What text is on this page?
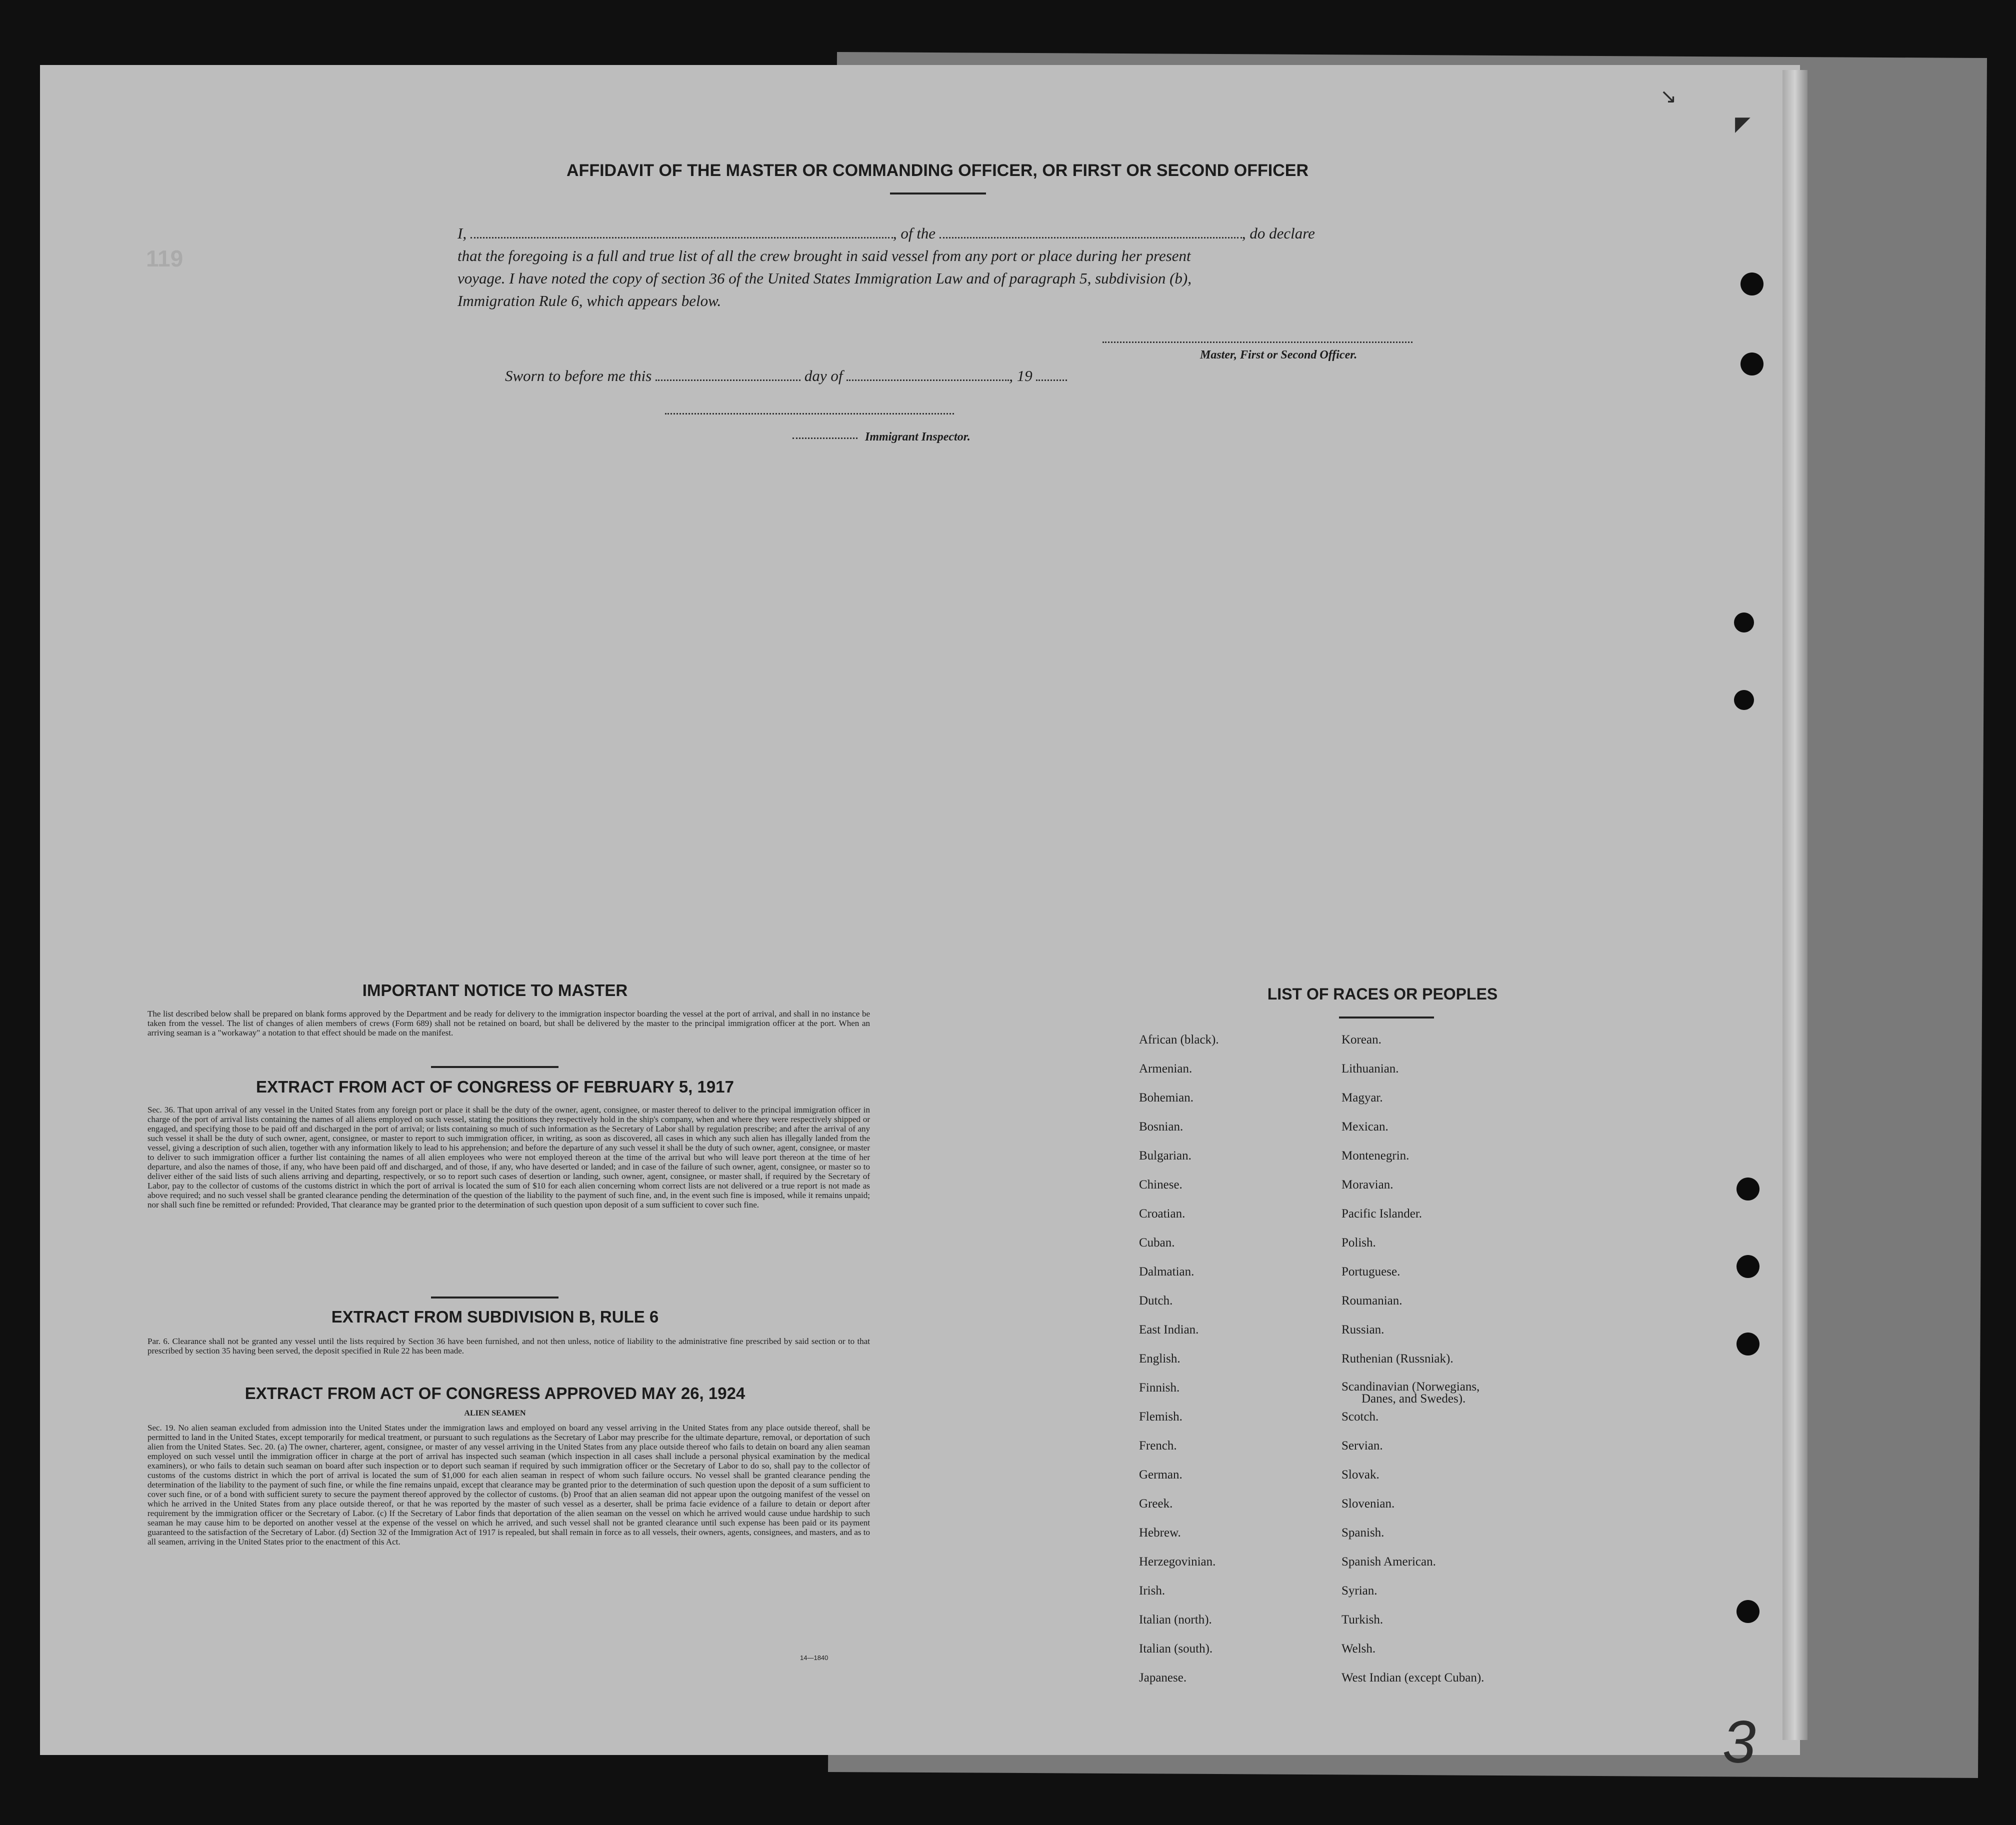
119
3
AFFIDAVIT OF THE MASTER OR COMMANDING OFFICER, OR FIRST OR SECOND OFFICER
I,	, of the	, do declare
that the foregoing is a full and true list of all the crew brought in said vessel from any port or place during her present
voyage. I have noted the copy of section 36 of the United States Immigration Law and of paragraph 5, subdivision (b),
Immigration Rule 6, which appears below.
Master, First or Second Officer.
Sworn to before me this	day of	, 19
Immigrant Inspector.
IMPORTANT NOTICE TO MASTER
The list described below shall be prepared on blank forms approved by the Department and be ready for delivery to the immigration inspector boarding the vessel at the port of arrival, and shall in no instance be taken from the vessel. The list of changes of alien members of crews (Form 689) shall not be retained on board, but shall be delivered by the master to the principal immigration officer at the port. When an arriving seaman is a "workaway" a notation to that effect should be made on the manifest.
EXTRACT FROM ACT OF CONGRESS OF FEBRUARY 5, 1917
Sec. 36. That upon arrival of any vessel in the United States from any foreign port or place it shall be the duty of the owner, agent, consignee, or master thereof to deliver to the principal immigration officer in charge of the port of arrival lists containing the names of all aliens employed on such vessel, stating the positions they respectively hold in the ship's company, when and where they were respectively shipped or engaged, and specifying those to be paid off and discharged in the port of arrival; or lists containing so much of such information as the Secretary of Labor shall by regulation prescribe; and after the arrival of any such vessel it shall be the duty of such owner, agent, consignee, or master to report to such immigration officer, in writing, as soon as discovered, all cases in which any such alien has illegally landed from the vessel, giving a description of such alien, together with any information likely to lead to his apprehension; and before the departure of any such vessel it shall be the duty of such owner, agent, consignee, or master to deliver to such immigration officer a further list containing the names of all alien employees who were not employed thereon at the time of the arrival but who will leave port thereon at the time of her departure, and also the names of those, if any, who have been paid off and discharged, and of those, if any, who have deserted or landed; and in case of the failure of such owner, agent, consignee, or master so to deliver either of the said lists of such aliens arriving and departing, respectively, or so to report such cases of desertion or landing, such owner, agent, consignee, or master shall, if required by the Secretary of Labor, pay to the collector of customs of the customs district in which the port of arrival is located the sum of $10 for each alien concerning whom correct lists are not delivered or a true report is not made as above required; and no such vessel shall be granted clearance pending the determination of the question of the liability to the payment of such fine, and, in the event such fine is imposed, while it remains unpaid; nor shall such fine be remitted or refunded: Provided, That clearance may be granted prior to the determination of such question upon deposit of a sum sufficient to cover such fine.
EXTRACT FROM SUBDIVISION B, RULE 6
Par. 6. Clearance shall not be granted any vessel until the lists required by Section 36 have been furnished, and not then unless, notice of liability to the administrative fine prescribed by said section or to that prescribed by section 35 having been served, the deposit specified in Rule 22 has been made.
EXTRACT FROM ACT OF CONGRESS APPROVED MAY 26, 1924
ALIEN SEAMEN
Sec. 19. No alien seaman excluded from admission into the United States under the immigration laws and employed on board any vessel arriving in the United States from any place outside thereof, shall be permitted to land in the United States, except temporarily for medical treatment, or pursuant to such regulations as the Secretary of Labor may prescribe for the ultimate departure, removal, or deportation of such alien from the United States. Sec. 20. (a) The owner, charterer, agent, consignee, or master of any vessel arriving in the United States from any place outside thereof who fails to detain on board any alien seaman employed on such vessel until the immigration officer in charge at the port of arrival has inspected such seaman (which inspection in all cases shall include a personal physical examination by the medical examiners), or who fails to detain such seaman on board after such inspection or to deport such seaman if required by such immigration officer or the Secretary of Labor to do so, shall pay to the collector of customs of the customs district in which the port of arrival is located the sum of $1,000 for each alien seaman in respect of whom such failure occurs. No vessel shall be granted clearance pending the determination of the liability to the payment of such fine, or while the fine remains unpaid, except that clearance may be granted prior to the determination of such question upon the deposit of a sum sufficient to cover such fine, or of a bond with sufficient surety to secure the payment thereof approved by the collector of customs. (b) Proof that an alien seaman did not appear upon the outgoing manifest of the vessel on which he arrived in the United States from any place outside thereof, or that he was reported by the master of such vessel as a deserter, shall be prima facie evidence of a failure to detain or deport after requirement by the immigration officer or the Secretary of Labor. (c) If the Secretary of Labor finds that deportation of the alien seaman on the vessel on which he arrived would cause undue hardship to such seaman he may cause him to be deported on another vessel at the expense of the vessel on which he arrived, and such vessel shall not be granted clearance until such expense has been paid or its payment guaranteed to the satisfaction of the Secretary of Labor. (d) Section 32 of the Immigration Act of 1917 is repealed, but shall remain in force as to all vessels, their owners, agents, consignees, and masters, and as to all seamen, arriving in the United States prior to the enactment of this Act.
14—1840
LIST OF RACES OR PEOPLES
African (black).	Korean.
Armenian.	Lithuanian.
Bohemian.	Magyar.
Bosnian.	Mexican.
Bulgarian.	Montenegrin.
Chinese.	Moravian.
Croatian.	Pacific Islander.
Cuban.	Polish.
Dalmatian.	Portuguese.
Dutch.	Roumanian.
East Indian.	Russian.
English.	Ruthenian (Russniak).
Finnish.	Scandinavian (Norwegians,
Danes, and Swedes).
Flemish.	Scotch.
French.	Servian.
German.	Slovak.
Greek.	Slovenian.
Hebrew.	Spanish.
Herzegovinian.	Spanish American.
Irish.	Syrian.
Italian (north).	Turkish.
Italian (south).	Welsh.
Japanese.	West Indian (except Cuban).
↘
◤
